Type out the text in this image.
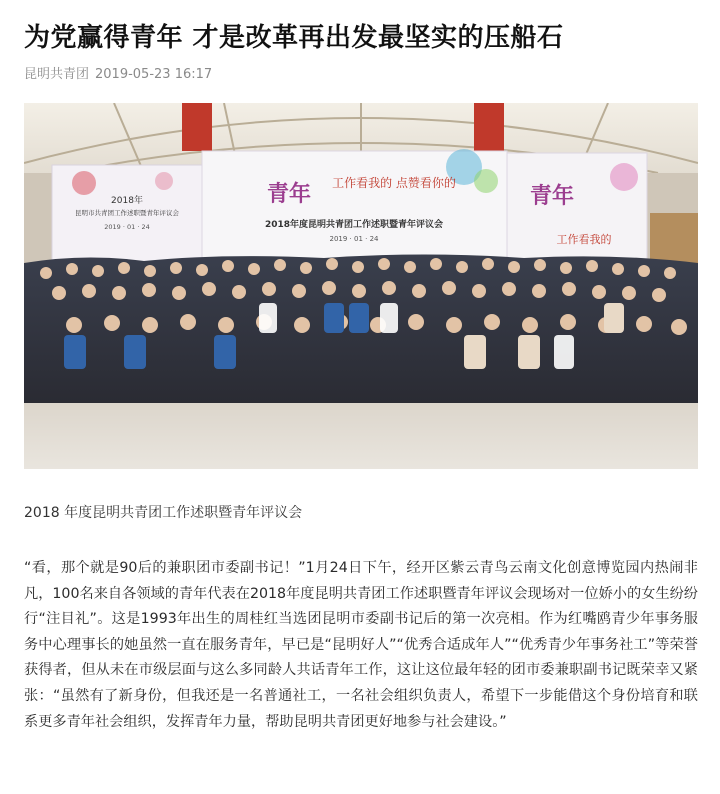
为党赢得青年 才是改革再出发最坚实的压船石
昆明共青团 2019-05-23 16:17
2018年
昆明市共青团工作述职暨青年评议会
2019 · 01 · 24
青年 工作看我的 点赞看你的
2018年度昆明共青团工作述职暨青年评议会
2019 · 01 · 24
青年
工作看我的
2018 年度昆明共青团工作述职暨青年评议会

“看，那个就是90后的兼职团市委副书记！”1月24日下午，经开区紫云青鸟云南文化创意博览园内热闹非凡，100名来自各领域的青年代表在2018年度昆明共青团工作述职暨青年评议会现场对一位娇小的女生纷纷行“注目礼”。这是1993年出生的周桂红当选团昆明市委副书记后的第一次亮相。作为红嘴鸥青少年事务服务中心理事长的她虽然一直在服务青年，早已是“昆明好人”“优秀合适成年人”“优秀青少年事务社工”等荣誉获得者，但从未在市级层面与这么多同龄人共话青年工作，这让这位最年轻的团市委兼职副书记既荣幸又紧张：“虽然有了新身份，但我还是一名普通社工，一名社会组织负责人，希望下一步能借这个身份培育和联系更多青年社会组织，发挥青年力量，帮助昆明共青团更好地参与社会建设。”
